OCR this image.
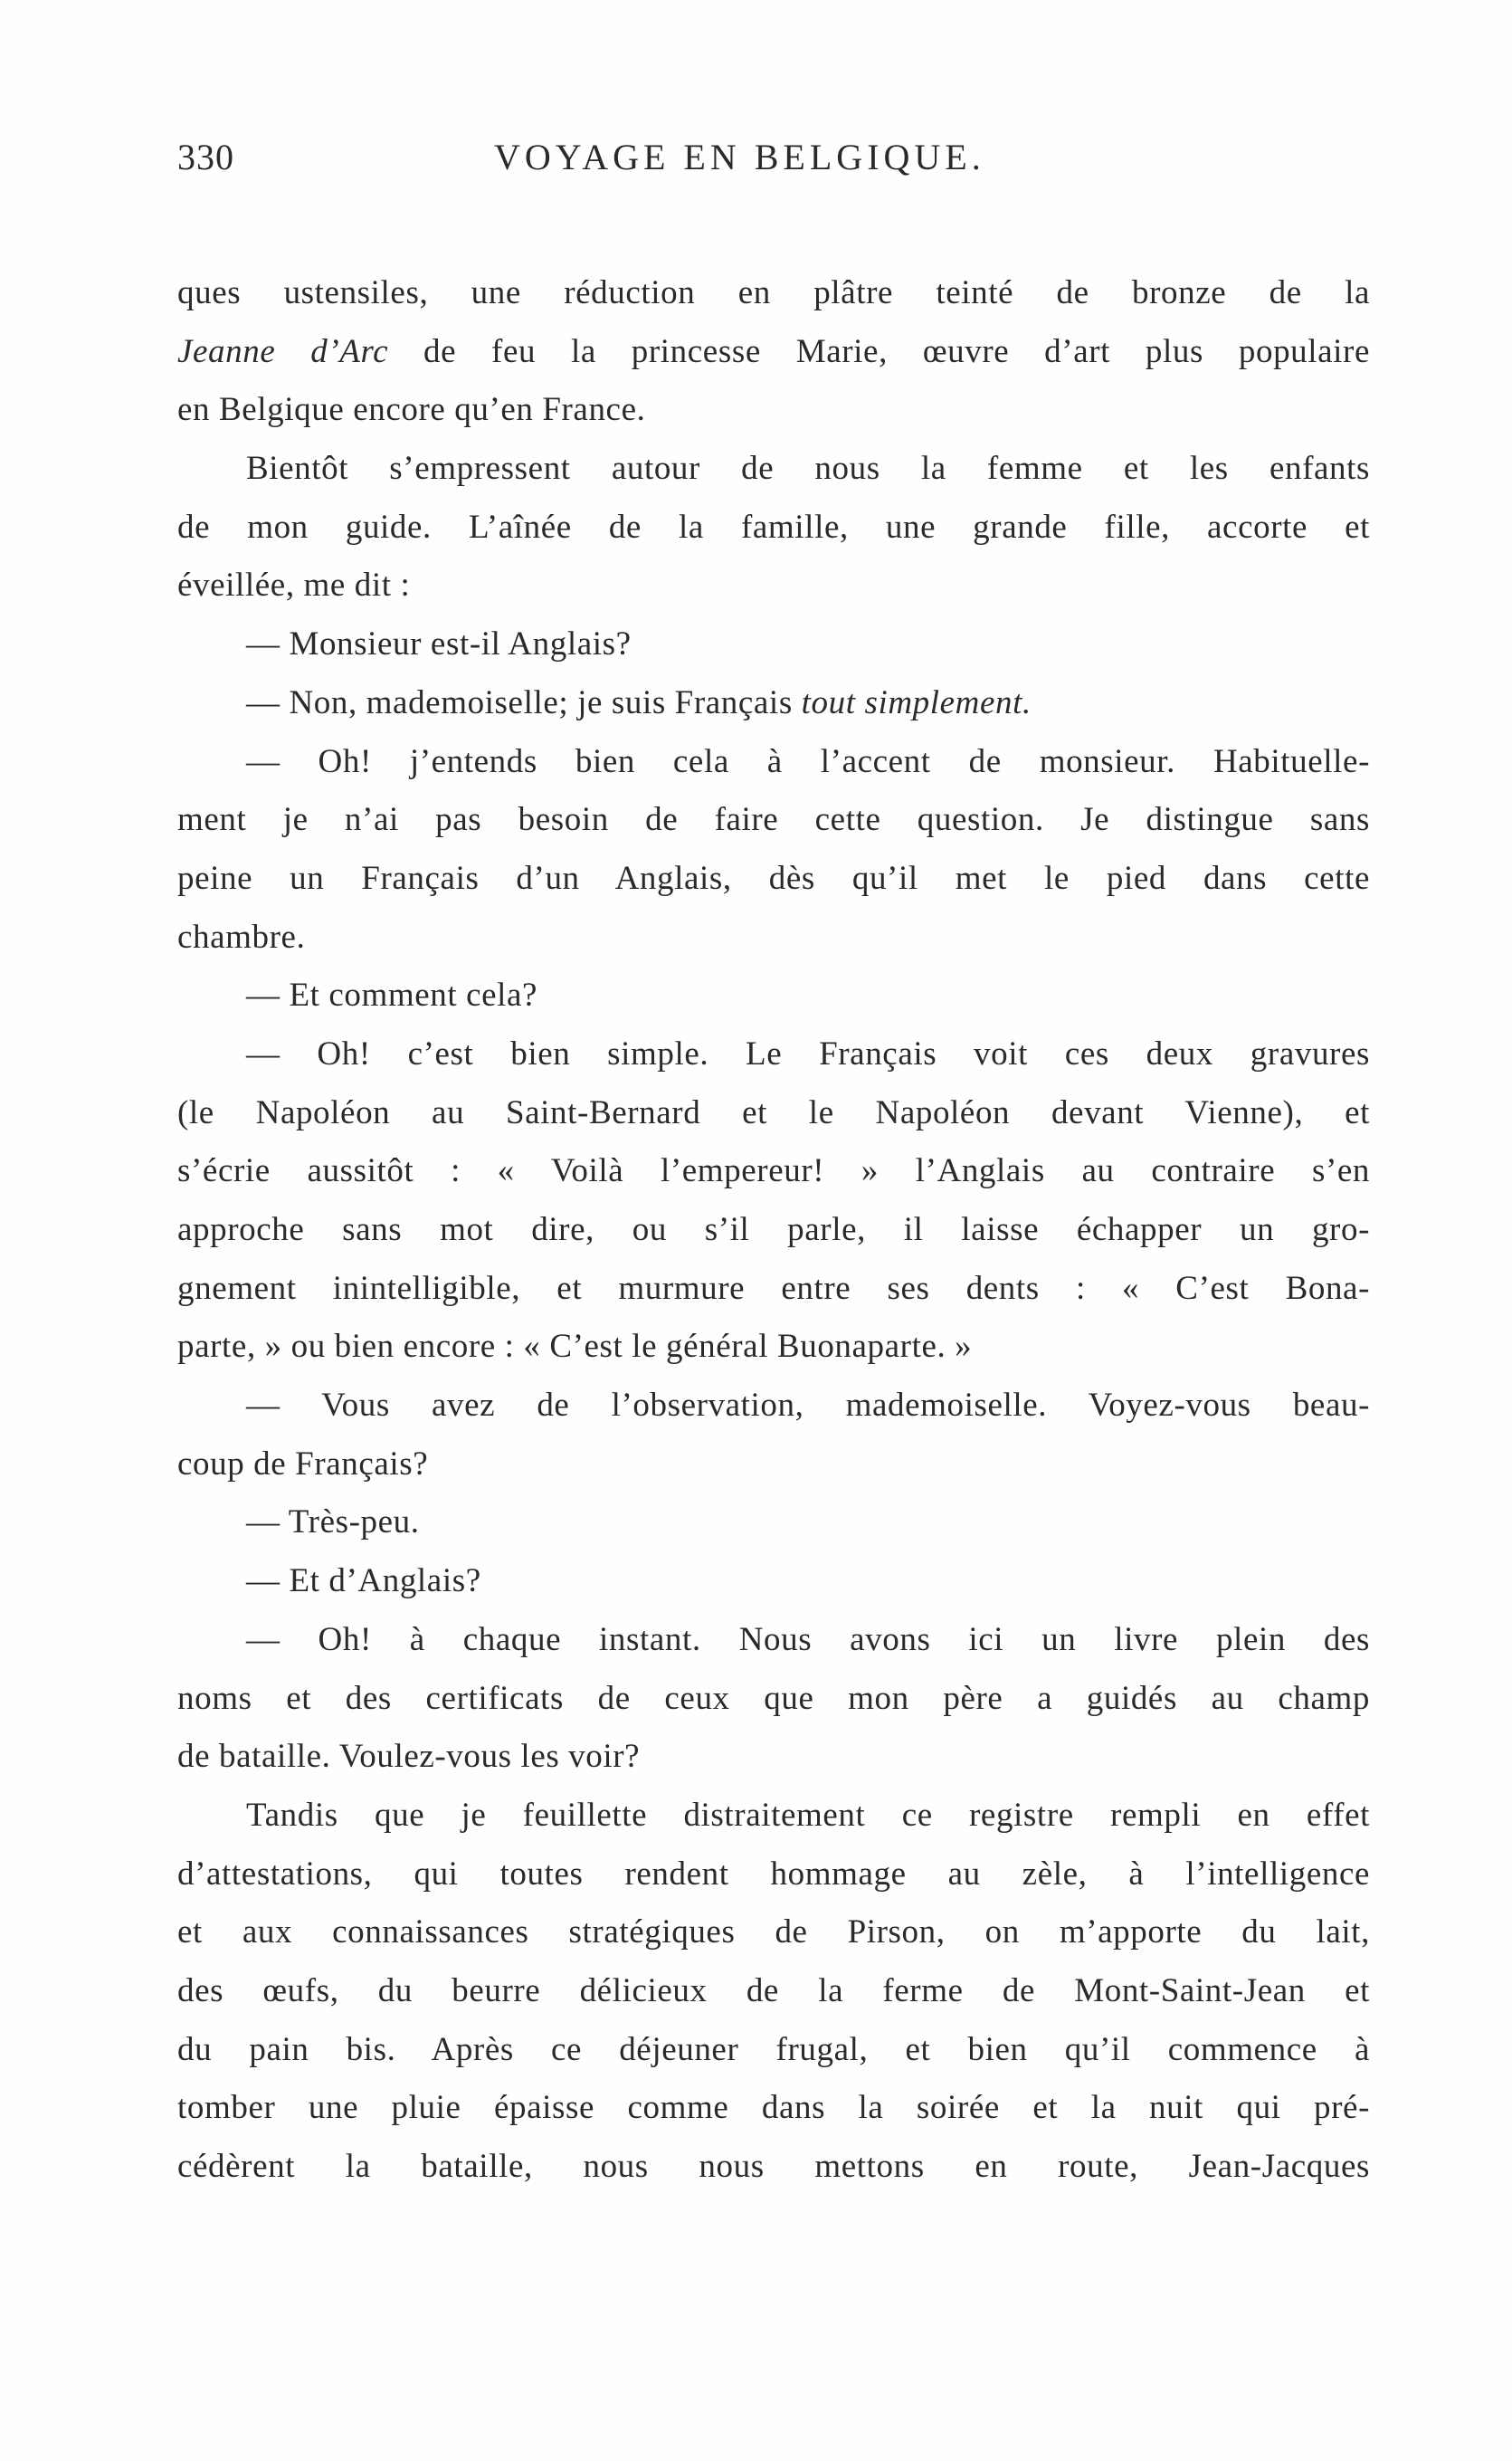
330	VOYAGE EN BELGIQUE.
ques ustensiles, une réduction en plâtre teinté de bronze de la
Jeanne d’Arc de feu la princesse Marie, œuvre d’art plus populaire
en Belgique encore qu’en France.
Bientôt s’empressent autour de nous la femme et les enfants
de mon guide. L’aînée de la famille, une grande fille, accorte et
éveillée, me dit :
— Monsieur est-il Anglais?
— Non, mademoiselle; je suis Français tout simplement.
— Oh! j’entends bien cela à l’accent de monsieur. Habituelle-
ment je n’ai pas besoin de faire cette question. Je distingue sans
peine un Français d’un Anglais, dès qu’il met le pied dans cette
chambre.
— Et comment cela?
— Oh! c’est bien simple. Le Français voit ces deux gravures
(le Napoléon au Saint-Bernard et le Napoléon devant Vienne), et
s’écrie aussitôt : « Voilà l’empereur! » l’Anglais au contraire s’en
approche sans mot dire, ou s’il parle, il laisse échapper un gro-
gnement inintelligible, et murmure entre ses dents : « C’est Bona-
parte, » ou bien encore : « C’est le général Buonaparte. »
— Vous avez de l’observation, mademoiselle. Voyez-vous beau-
coup de Français?
— Très-peu.
— Et d’Anglais?
— Oh! à chaque instant. Nous avons ici un livre plein des
noms et des certificats de ceux que mon père a guidés au champ
de bataille. Voulez-vous les voir?
Tandis que je feuillette distraitement ce registre rempli en effet
d’attestations, qui toutes rendent hommage au zèle, à l’intelligence
et aux connaissances stratégiques de Pirson, on m’apporte du lait,
des œufs, du beurre délicieux de la ferme de Mont-Saint-Jean et
du pain bis. Après ce déjeuner frugal, et bien qu’il commence à
tomber une pluie épaisse comme dans la soirée et la nuit qui pré-
cédèrent la bataille, nous nous mettons en route, Jean-Jacques
